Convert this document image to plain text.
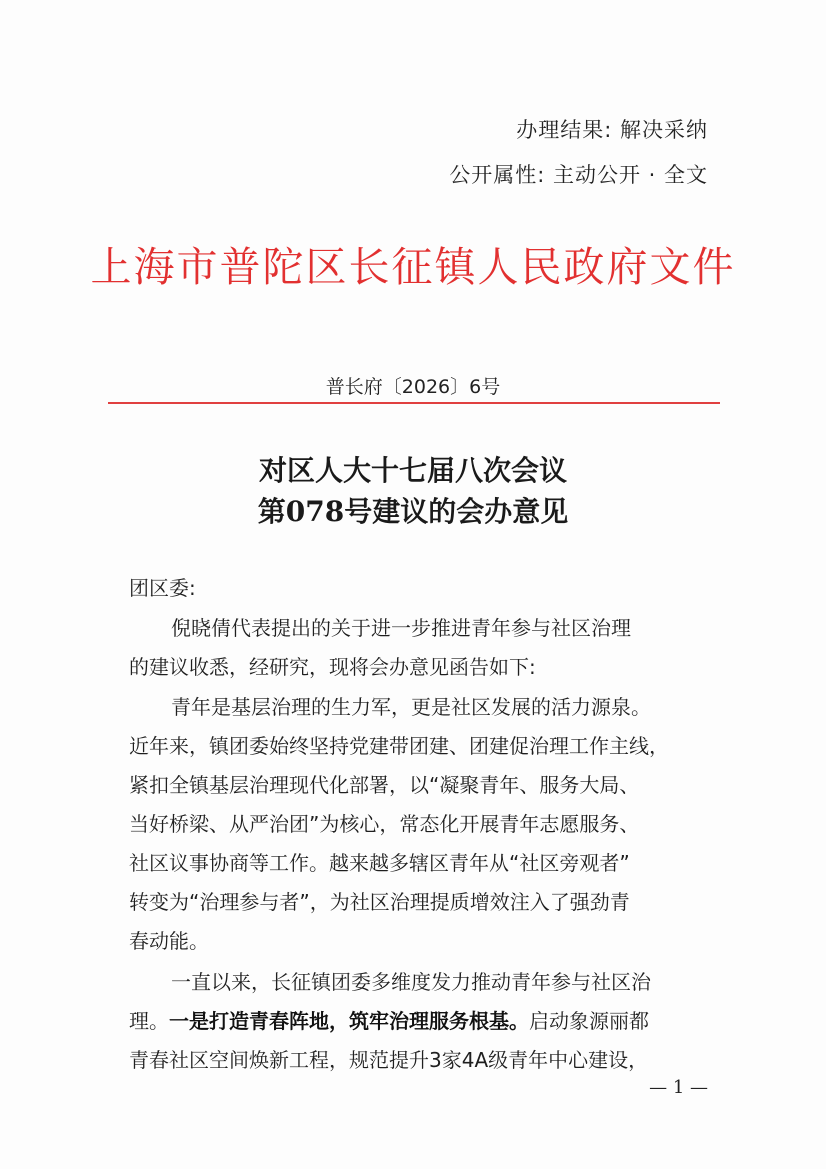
办理结果: 解决采纳
公开属性: 主动公开 · 全文
上海市普陀区长征镇人民政府文件
普长府〔2026〕6号
对区人大十七届八次会议
第078号建议的会办意见
团区委:
倪晓倩代表提出的关于进一步推进青年参与社区治理
的建议收悉，经研究，现将会办意见函告如下:
青年是基层治理的生力军，更是社区发展的活力源泉。
近年来，镇团委始终坚持党建带团建、团建促治理工作主线，
紧扣全镇基层治理现代化部署，以“凝聚青年、服务大局、
当好桥梁、从严治团”为核心，常态化开展青年志愿服务、
社区议事协商等工作。越来越多辖区青年从“社区旁观者”
转变为“治理参与者”，为社区治理提质增效注入了强劲青
春动能。
一直以来，长征镇团委多维度发力推动青年参与社区治
理。一是打造青春阵地，筑牢治理服务根基。启动象源丽都
青春社区空间焕新工程，规范提升3家4A级青年中心建设，
— 1 —
